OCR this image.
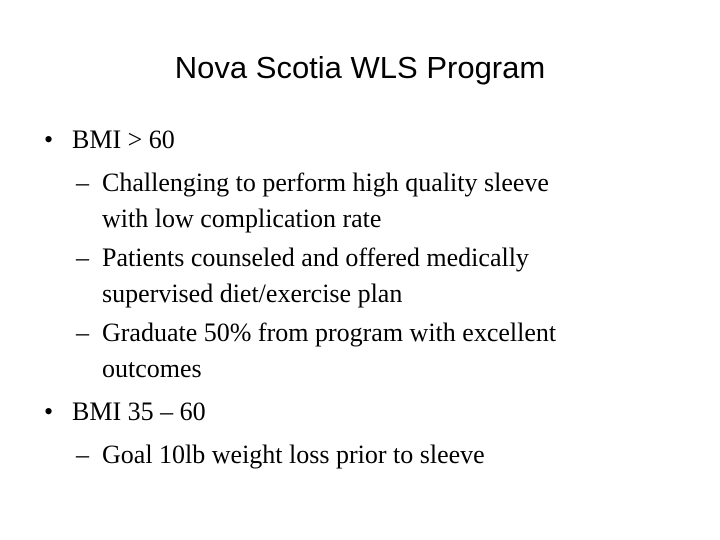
Nova Scotia WLS Program
• BMI > 60
– Challenging to perform high quality sleeve
with low complication rate
– Patients counseled and offered medically
supervised diet/exercise plan
– Graduate 50% from program with excellent
outcomes
• BMI 35 – 60
– Goal 10lb weight loss prior to sleeve
